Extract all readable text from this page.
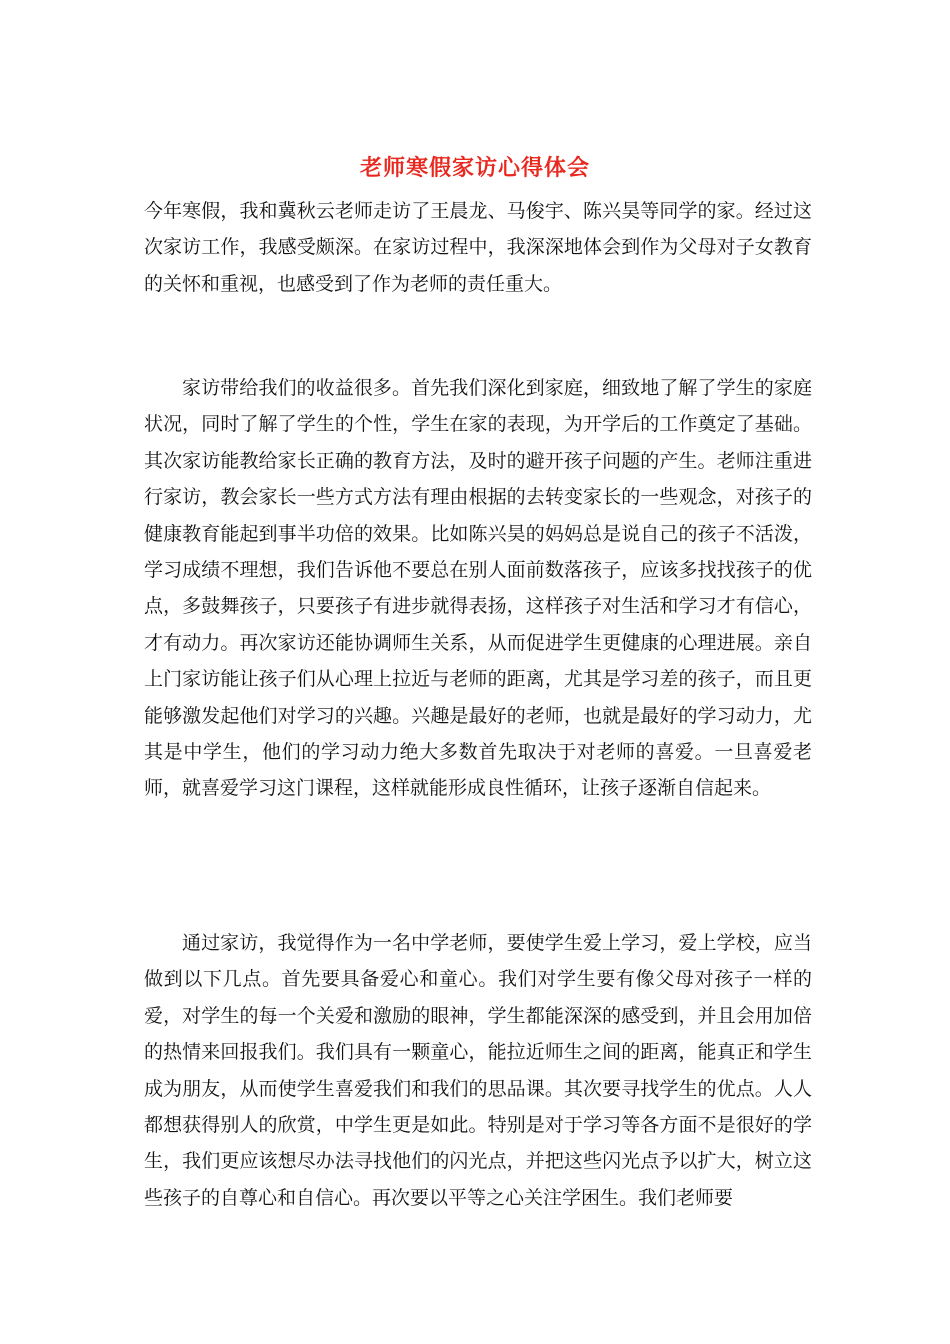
老师寒假家访心得体会

今年寒假，我和冀秋云老师走访了王晨龙、马俊宇、陈兴昊等同学的家。经过这次家访工作，我感受颇深。在家访过程中，我深深地体会到作为父母对子女教育的关怀和重视，也感受到了作为老师的责任重大。

家访带给我们的收益很多。首先我们深化到家庭，细致地了解了学生的家庭状况，同时了解了学生的个性，学生在家的表现，为开学后的工作奠定了基础。其次家访能教给家长正确的教育方法，及时的避开孩子问题的产生。老师注重进行家访，教会家长一些方式方法有理由根据的去转变家长的一些观念，对孩子的健康教育能起到事半功倍的效果。比如陈兴昊的妈妈总是说自己的孩子不活泼，学习成绩不理想，我们告诉他不要总在别人面前数落孩子，应该多找找孩子的优点，多鼓舞孩子，只要孩子有进步就得表扬，这样孩子对生活和学习才有信心，才有动力。再次家访还能协调师生关系，从而促进学生更健康的心理进展。亲自上门家访能让孩子们从心理上拉近与老师的距离，尤其是学习差的孩子，而且更能够激发起他们对学习的兴趣。兴趣是最好的老师，也就是最好的学习动力，尤其是中学生，他们的学习动力绝大多数首先取决于对老师的喜爱。一旦喜爱老师，就喜爱学习这门课程，这样就能形成良性循环，让孩子逐渐自信起来。

通过家访，我觉得作为一名中学老师，要使学生爱上学习，爱上学校，应当做到以下几点。首先要具备爱心和童心。我们对学生要有像父母对孩子一样的爱，对学生的每一个关爱和激励的眼神，学生都能深深的感受到，并且会用加倍的热情来回报我们。我们具有一颗童心，能拉近师生之间的距离，能真正和学生成为朋友，从而使学生喜爱我们和我们的思品课。其次要寻找学生的优点。人人都想获得别人的欣赏，中学生更是如此。特别是对于学习等各方面不是很好的学生，我们更应该想尽办法寻找他们的闪光点，并把这些闪光点予以扩大，树立这些孩子的自尊心和自信心。再次要以平等之心关注学困生。我们老师要
